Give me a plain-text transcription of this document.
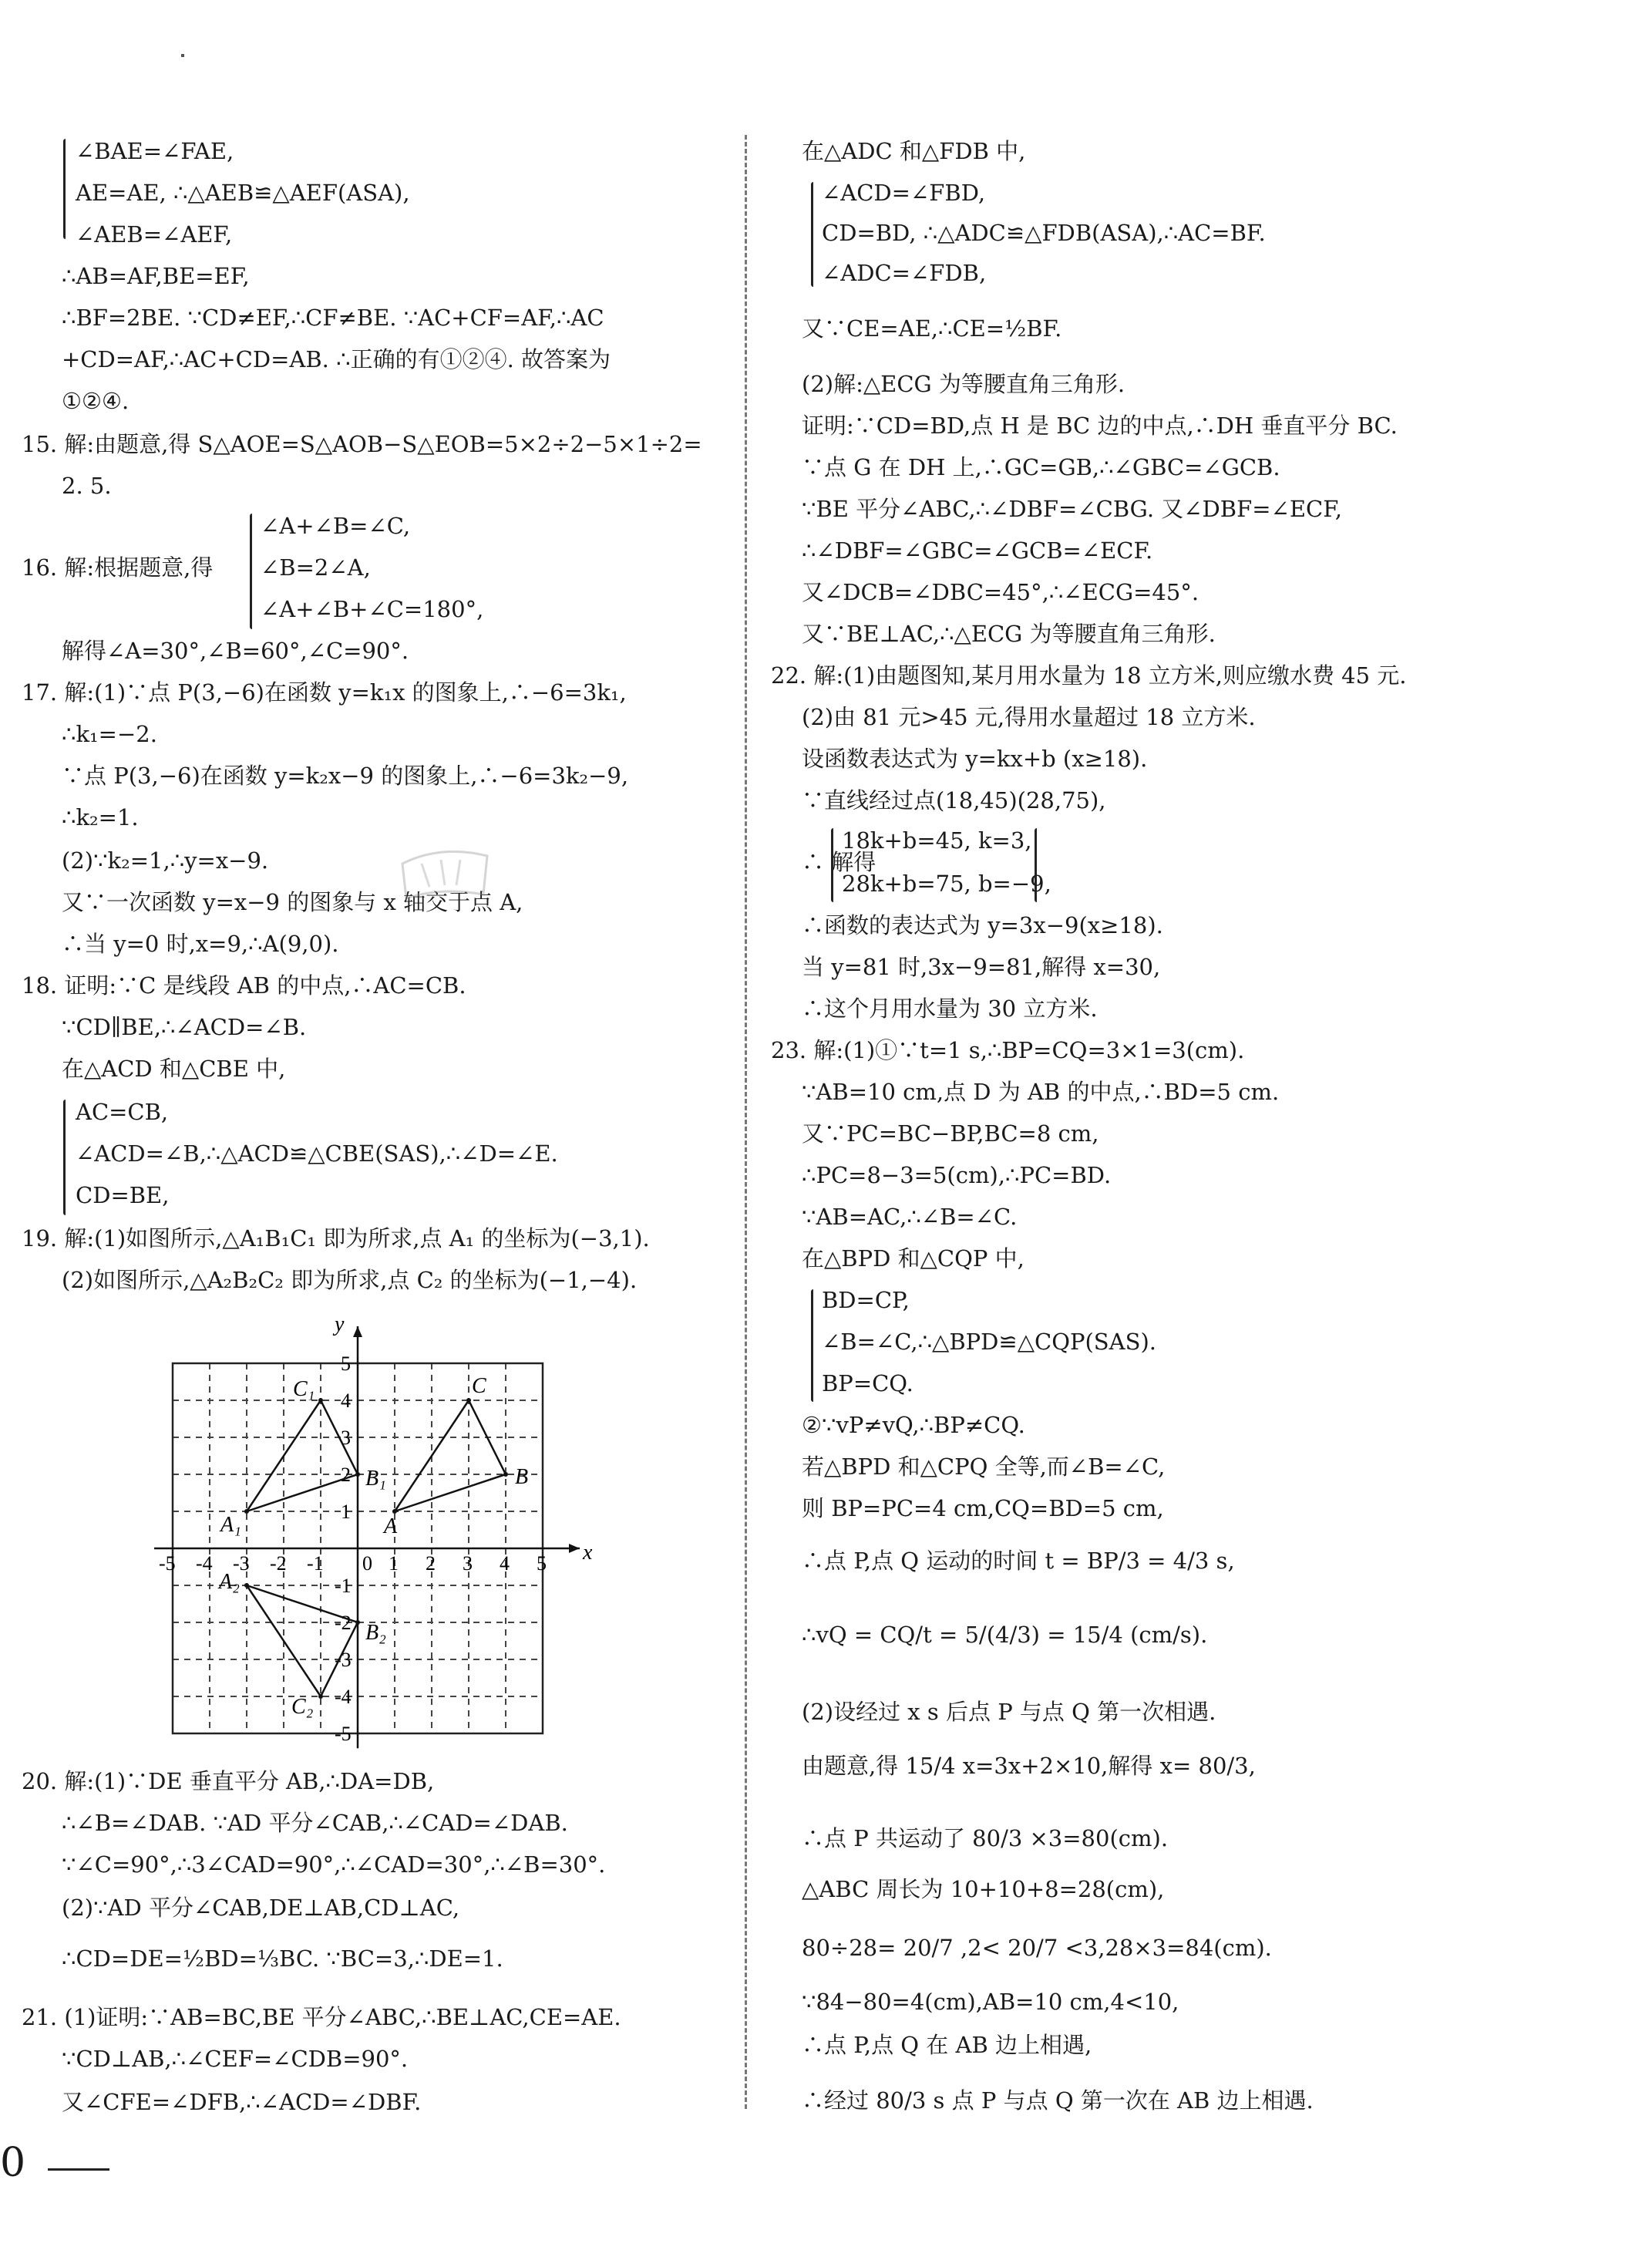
∠BAE=∠FAE,
AE=AE, ∴△AEB≌△AEF(ASA),
∠AEB=∠AEF,
∴AB=AF,BE=EF,
∴BF=2BE. ∵CD≠EF,∴CF≠BE. ∵AC+CF=AF,∴AC
+CD=AF,∴AC+CD=AB. ∴正确的有①②④. 故答案为
①②④.
15. 解:由题意,得 S△AOE=S△AOB−S△EOB=5×2÷2−5×1÷2=
2. 5.
∠A+∠B=∠C,
16. 解:根据题意,得 ∠B=2∠A,
∠A+∠B+∠C=180°,
解得∠A=30°,∠B=60°,∠C=90°.
17. 解:(1)∵点 P(3,−6)在函数 y=k₁x 的图象上,∴−6=3k₁,
∴k₁=−2.
∵点 P(3,−6)在函数 y=k₂x−9 的图象上,∴−6=3k₂−9,
∴k₂=1.
(2)∵k₂=1,∴y=x−9.
又∵一次函数 y=x−9 的图象与 x 轴交于点 A,
∴当 y=0 时,x=9,∴A(9,0).
18. 证明:∵C 是线段 AB 的中点,∴AC=CB.
∵CD∥BE,∴∠ACD=∠B.
在△ACD 和△CBE 中,
AC=CB,
∠ACD=∠B,∴△ACD≌△CBE(SAS),∴∠D=∠E.
CD=BE,
19. 解:(1)如图所示,△A₁B₁C₁ 即为所求,点 A₁ 的坐标为(−3,1).
(2)如图所示,△A₂B₂C₂ 即为所求,点 C₂ 的坐标为(−1,−4).
x
y
-5 -4 -3 -2 -1 0 1 2 3 4 5
5
4
3
2
1
-1
-2
-3
-4
-5
A
B
C
A₁
B₁
C₁
A₂
B₂
C₂
20. 解:(1)∵DE 垂直平分 AB,∴DA=DB,
∴∠B=∠DAB. ∵AD 平分∠CAB,∴∠CAD=∠DAB.
∵∠C=90°,∴3∠CAD=90°,∴∠CAD=30°,∴∠B=30°.
(2)∵AD 平分∠CAB,DE⊥AB,CD⊥AC,
∴CD=DE=½BD=⅓BC. ∵BC=3,∴DE=1.
21. (1)证明:∵AB=BC,BE 平分∠ABC,∴BE⊥AC,CE=AE.
∵CD⊥AB,∴∠CEF=∠CDB=90°.
又∠CFE=∠DFB,∴∠ACD=∠DBF.
在△ADC 和△FDB 中,
∠ACD=∠FBD,
CD=BD, ∴△ADC≌△FDB(ASA),∴AC=BF.
∠ADC=∠FDB,
又∵CE=AE,∴CE=½BF.
(2)解:△ECG 为等腰直角三角形.
证明:∵CD=BD,点 H 是 BC 边的中点,∴DH 垂直平分 BC.
∵点 G 在 DH 上,∴GC=GB,∴∠GBC=∠GCB.
∵BE 平分∠ABC,∴∠DBF=∠CBG. 又∠DBF=∠ECF,
∴∠DBF=∠GBC=∠GCB=∠ECF.
又∠DCB=∠DBC=45°,∴∠ECG=45°.
又∵BE⊥AC,∴△ECG 为等腰直角三角形.
22. 解:(1)由题图知,某月用水量为 18 立方米,则应缴水费 45 元.
(2)由 81 元>45 元,得用水量超过 18 立方米.
设函数表达式为 y=kx+b (x≥18).
∵直线经过点(18,45)(28,75),
18k+b=45, k=3,
∴ 解得
28k+b=75, b=−9,
∴函数的表达式为 y=3x−9(x≥18).
当 y=81 时,3x−9=81,解得 x=30,
∴这个月用水量为 30 立方米.
23. 解:(1)①∵t=1 s,∴BP=CQ=3×1=3(cm).
∵AB=10 cm,点 D 为 AB 的中点,∴BD=5 cm.
又∵PC=BC−BP,BC=8 cm,
∴PC=8−3=5(cm),∴PC=BD.
∵AB=AC,∴∠B=∠C.
在△BPD 和△CQP 中,
BD=CP,
∠B=∠C,∴△BPD≌△CQP(SAS).
BP=CQ.
②∵vP≠vQ,∴BP≠CQ.
若△BPD 和△CPQ 全等,而∠B=∠C,
则 BP=PC=4 cm,CQ=BD=5 cm,
∴点 P,点 Q 运动的时间 t = BP/3 = 4/3 s,
∴vQ = CQ/t = 5/(4/3) = 15/4 (cm/s).
(2)设经过 x s 后点 P 与点 Q 第一次相遇.
由题意,得 15/4 x=3x+2×10,解得 x= 80/3,
∴点 P 共运动了 80/3 ×3=80(cm).
△ABC 周长为 10+10+8=28(cm),
80÷28= 20/7 ,2< 20/7 <3,28×3=84(cm).
∵84−80=4(cm),AB=10 cm,4<10,
∴点 P,点 Q 在 AB 边上相遇,
∴经过 80/3 s 点 P 与点 Q 第一次在 AB 边上相遇.
0
